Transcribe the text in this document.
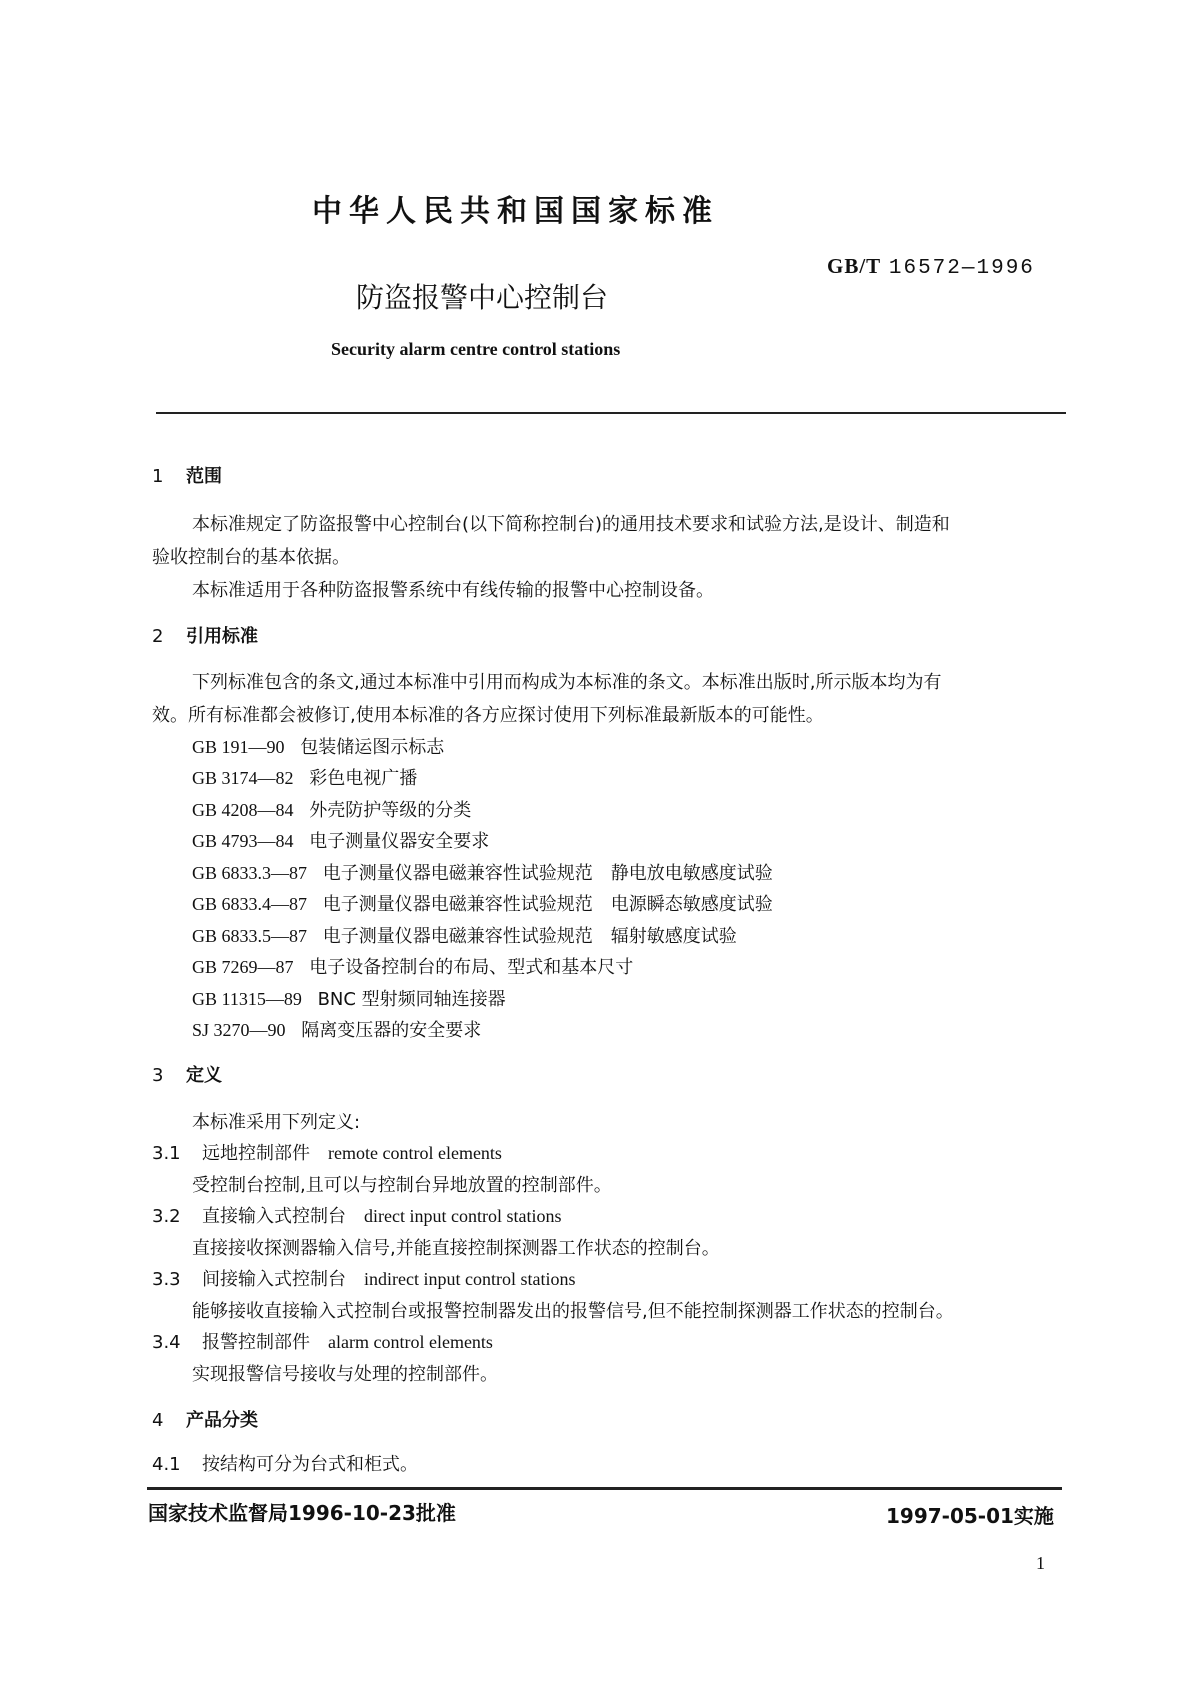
中华人民共和国国家标准
GB/T 16572—1996
防盗报警中心控制台
Security alarm centre control stations
1 范围
本标准规定了防盗报警中心控制台(以下简称控制台)的通用技术要求和试验方法,是设计、制造和
验收控制台的基本依据。
本标准适用于各种防盗报警系统中有线传输的报警中心控制设备。
2 引用标准
下列标准包含的条文,通过本标准中引用而构成为本标准的条文。本标准出版时,所示版本均为有
效。所有标准都会被修订,使用本标准的各方应探讨使用下列标准最新版本的可能性。
GB 191—90 包装储运图示标志
GB 3174—82 彩色电视广播
GB 4208—84 外壳防护等级的分类
GB 4793—84 电子测量仪器安全要求
GB 6833.3—87 电子测量仪器电磁兼容性试验规范　静电放电敏感度试验
GB 6833.4—87 电子测量仪器电磁兼容性试验规范　电源瞬态敏感度试验
GB 6833.5—87 电子测量仪器电磁兼容性试验规范　辐射敏感度试验
GB 7269—87 电子设备控制台的布局、型式和基本尺寸
GB 11315—89 BNC 型射频同轴连接器
SJ 3270—90 隔离变压器的安全要求
3 定义
本标准采用下列定义:
3.1 远地控制部件 remote control elements
受控制台控制,且可以与控制台异地放置的控制部件。
3.2 直接输入式控制台 direct input control stations
直接接收探测器输入信号,并能直接控制探测器工作状态的控制台。
3.3 间接输入式控制台 indirect input control stations
能够接收直接输入式控制台或报警控制器发出的报警信号,但不能控制探测器工作状态的控制台。
3.4 报警控制部件 alarm control elements
实现报警信号接收与处理的控制部件。
4 产品分类
4.1 按结构可分为台式和柜式。
国家技术监督局1996-10-23批准	1997-05-01实施
1
